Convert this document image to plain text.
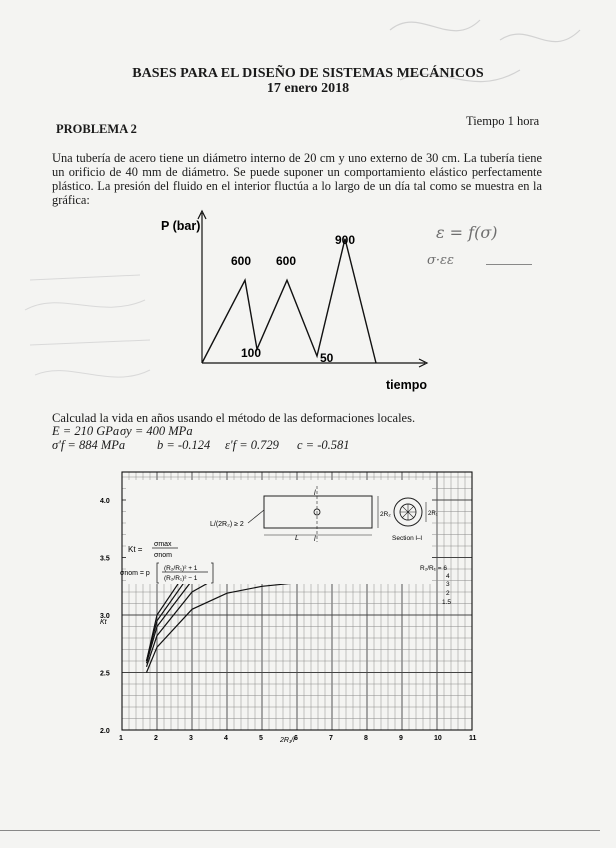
BASES PARA EL DISEÑO DE SISTEMAS MECÁNICOS
17 enero 2018
Tiempo 1 hora
PROBLEMA 2
Una tubería de acero tiene un diámetro interno de 20 cm y uno externo de 30 cm. La tubería tiene un orificio de 40 mm de diámetro. Se puede suponer un comportamiento elástico perfectamente plástico. La presión del fluido en el interior fluctúa a lo largo de un día tal como se muestra en la gráfica:
P (bar)
tiempo
600
100
600
50
900	ε = f(σ)
σ·εε
Calculad la vida en años usando el método de las deformaciones locales.
E = 210 GPa σy = 400 MPa
σ'f = 884 MPa	b = -0.124 ε'f = 0.729 c = -0.581
1	2	3	4	5	6	7	8	9	10	11
2.0
2.5
3.0
3.5
4.0
Kt =
σmax
σnom
σnom = p
(R₂/R₁)² + 1
(R₂/R₁)² − 1
L/(2R₂) ≥ 2
l
l
L
2R₂	2R₁
Section l–l
Kt
2R₁/r
R₂/R₁ = 6
4
3
2
1.5
